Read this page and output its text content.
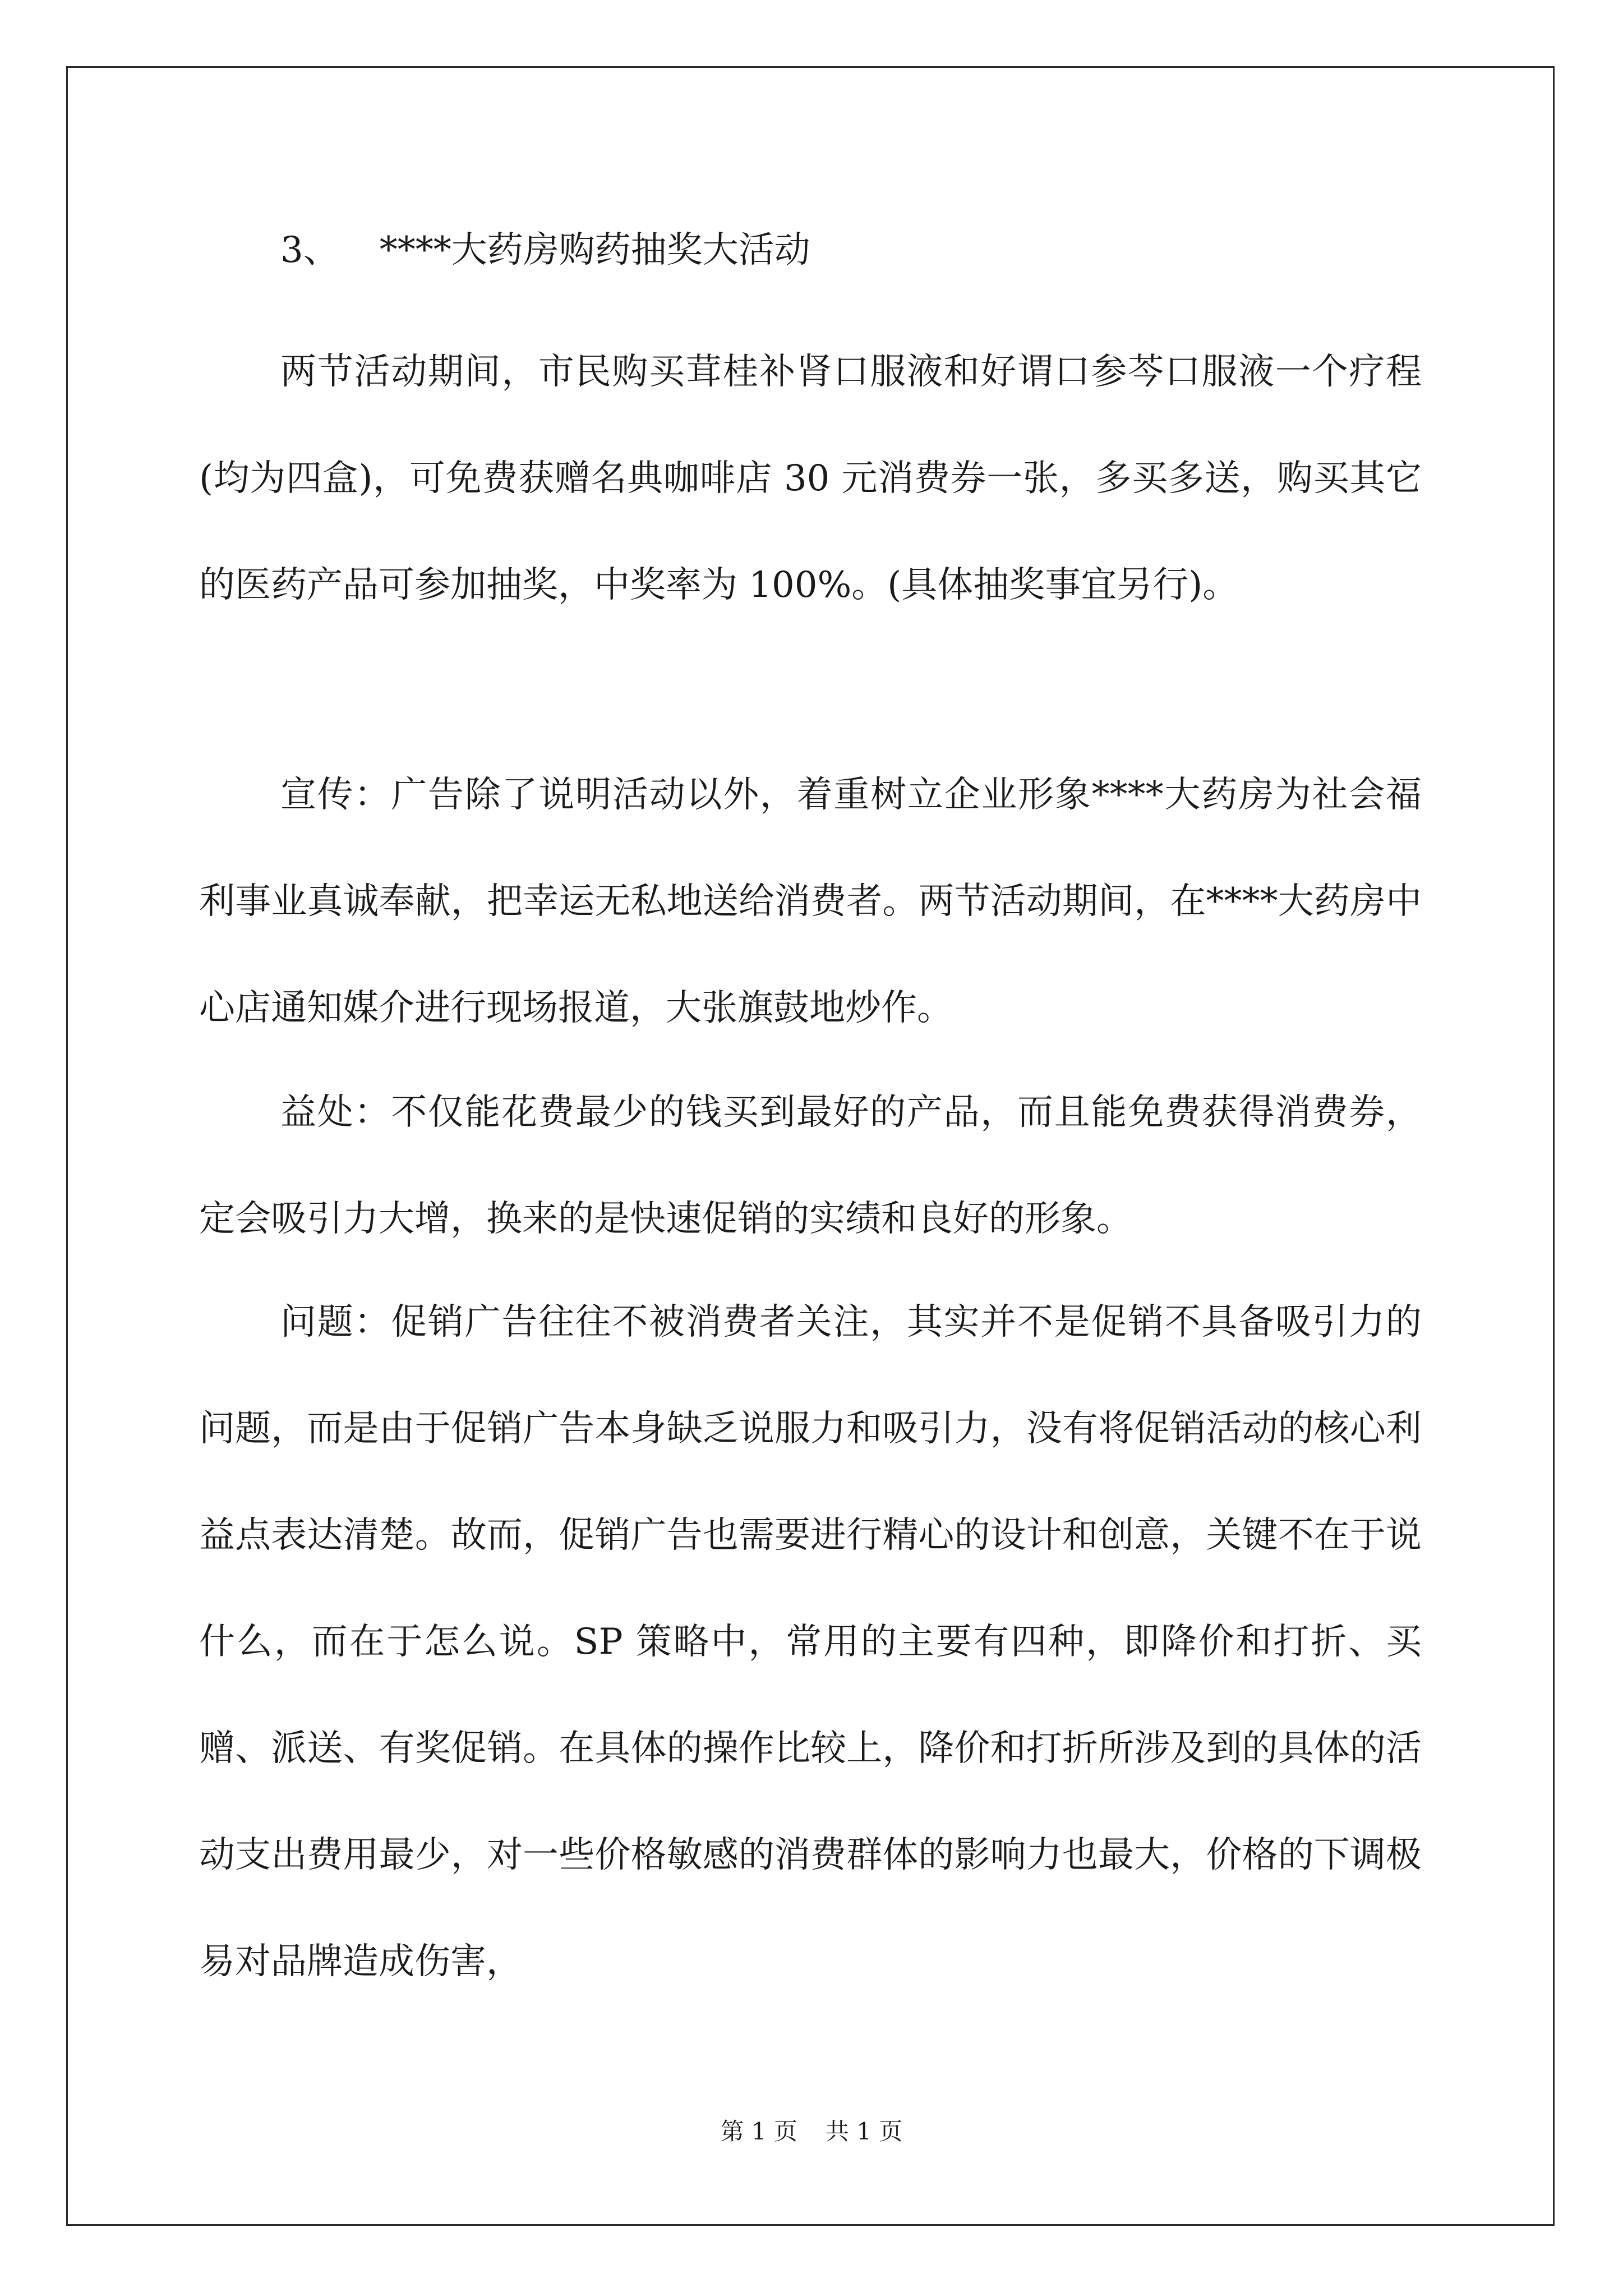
3、 ****大药房购药抽奖大活动

两节活动期间，市民购买茸桂补肾口服液和好谓口参芩口服液一个疗程(均为四盒)，可免费获赠名典咖啡店 30 元消费券一张，多买多送，购买其它的医药产品可参加抽奖，中奖率为 100%。(具体抽奖事宜另行)。

宣传：广告除了说明活动以外，着重树立企业形象****大药房为社会福利事业真诚奉献，把幸运无私地送给消费者。两节活动期间，在****大药房中心店通知媒介进行现场报道，大张旗鼓地炒作。

益处：不仅能花费最少的钱买到最好的产品，而且能免费获得消费券，定会吸引力大增，换来的是快速促销的实绩和良好的形象。

问题：促销广告往往不被消费者关注，其实并不是促销不具备吸引力的问题，而是由于促销广告本身缺乏说服力和吸引力，没有将促销活动的核心利益点表达清楚。故而，促销广告也需要进行精心的设计和创意，关键不在于说什么，而在于怎么说。SP 策略中，常用的主要有四种，即降价和打折、买赠、派送、有奖促销。在具体的操作比较上，降价和打折所涉及到的具体的活动支出费用最少，对一些价格敏感的消费群体的影响力也最大，价格的下调极易对品牌造成伤害，

第 1 页 共 1 页
